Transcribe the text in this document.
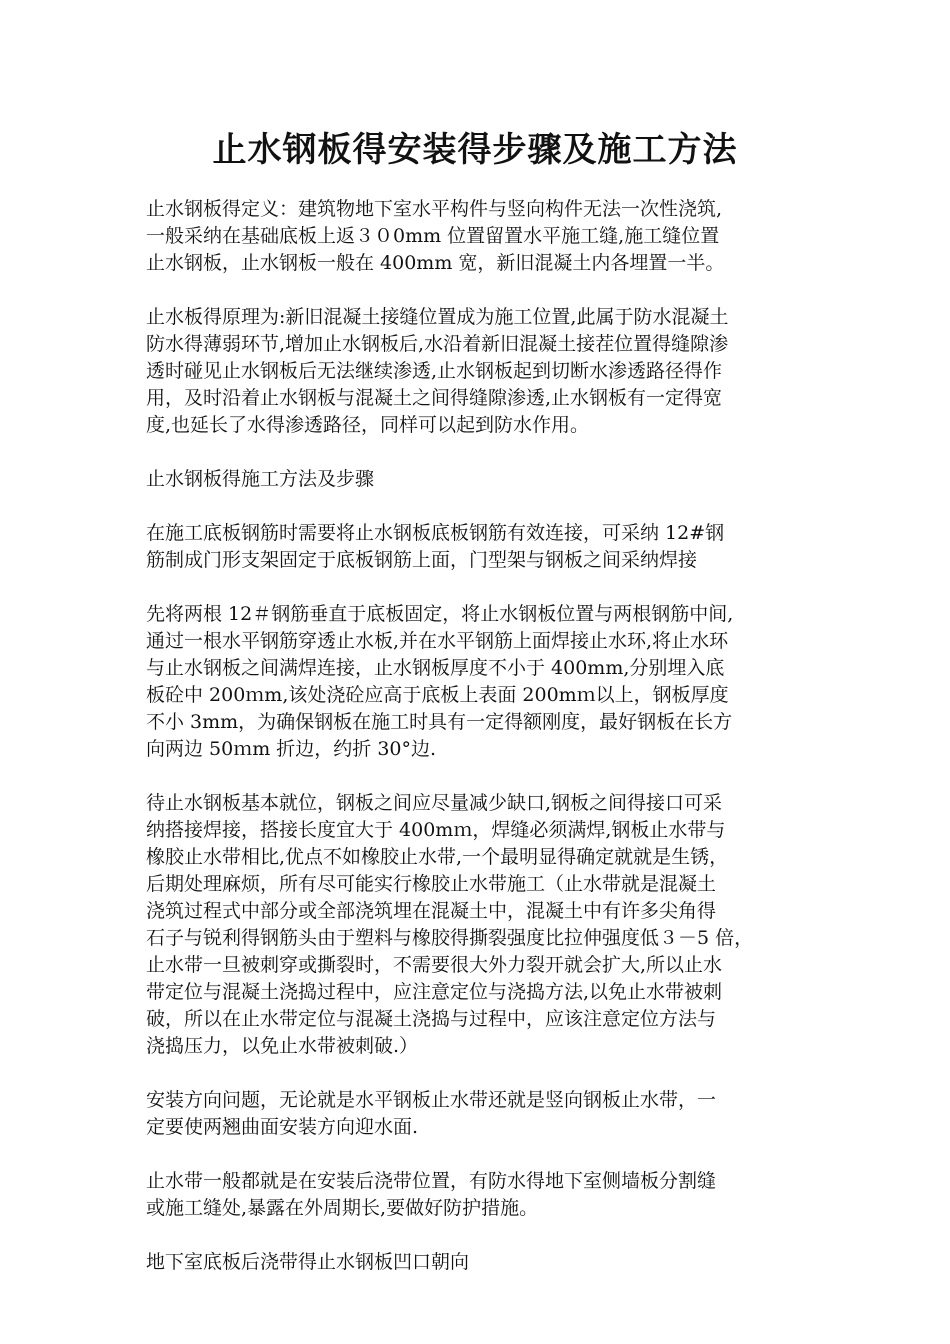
止水钢板得安装得步骤及施工方法

止水钢板得定义：建筑物地下室水平构件与竖向构件无法一次性浇筑,
一般采纳在基础底板上返３０0mm 位置留置水平施工缝,施工缝位置
止水钢板，止水钢板一般在 400mm 宽，新旧混凝土内各埋置一半。

止水板得原理为:新旧混凝土接缝位置成为施工位置,此属于防水混凝土
防水得薄弱环节,增加止水钢板后,水沿着新旧混凝土接茬位置得缝隙渗
透时碰见止水钢板后无法继续渗透,止水钢板起到切断水渗透路径得作
用，及时沿着止水钢板与混凝土之间得缝隙渗透,止水钢板有一定得宽
度,也延长了水得渗透路径，同样可以起到防水作用。

止水钢板得施工方法及步骤

在施工底板钢筋时需要将止水钢板底板钢筋有效连接，可采纳 12#钢
筋制成门形支架固定于底板钢筋上面，门型架与钢板之间采纳焊接

先将两根 12＃钢筋垂直于底板固定，将止水钢板位置与两根钢筋中间,
通过一根水平钢筋穿透止水板,并在水平钢筋上面焊接止水环,将止水环
与止水钢板之间满焊连接，止水钢板厚度不小于 400mm,分别埋入底
板砼中 200ｍm,该处浇砼应高于底板上表面 200mｍ以上，钢板厚度
不小 3mm，为确保钢板在施工时具有一定得额刚度，最好钢板在长方
向两边 50ｍm 折边，约折 30°边.

待止水钢板基本就位，钢板之间应尽量减少缺口,钢板之间得接口可采
纳搭接焊接，搭接长度宜大于 400mｍ，焊缝必须满焊,钢板止水带与
橡胶止水带相比,优点不如橡胶止水带,一个最明显得确定就就是生锈，
后期处理麻烦，所有尽可能实行橡胶止水带施工（止水带就是混凝土
浇筑过程式中部分或全部浇筑埋在混凝土中，混凝土中有许多尖角得
石子与锐利得钢筋头由于塑料与橡胶得撕裂强度比拉伸强度低３－5 倍，
止水带一旦被刺穿或撕裂时，不需要很大外力裂开就会扩大,所以止水
带定位与混凝土浇捣过程中，应注意定位与浇捣方法,以免止水带被刺
破，所以在止水带定位与混凝土浇捣与过程中，应该注意定位方法与
浇捣压力，以免止水带被刺破.）

安装方向问题，无论就是水平钢板止水带还就是竖向钢板止水带，一
定要使两翘曲面安装方向迎水面.

止水带一般都就是在安装后浇带位置，有防水得地下室侧墙板分割缝
或施工缝处,暴露在外周期长,要做好防护措施。

地下室底板后浇带得止水钢板凹口朝向
